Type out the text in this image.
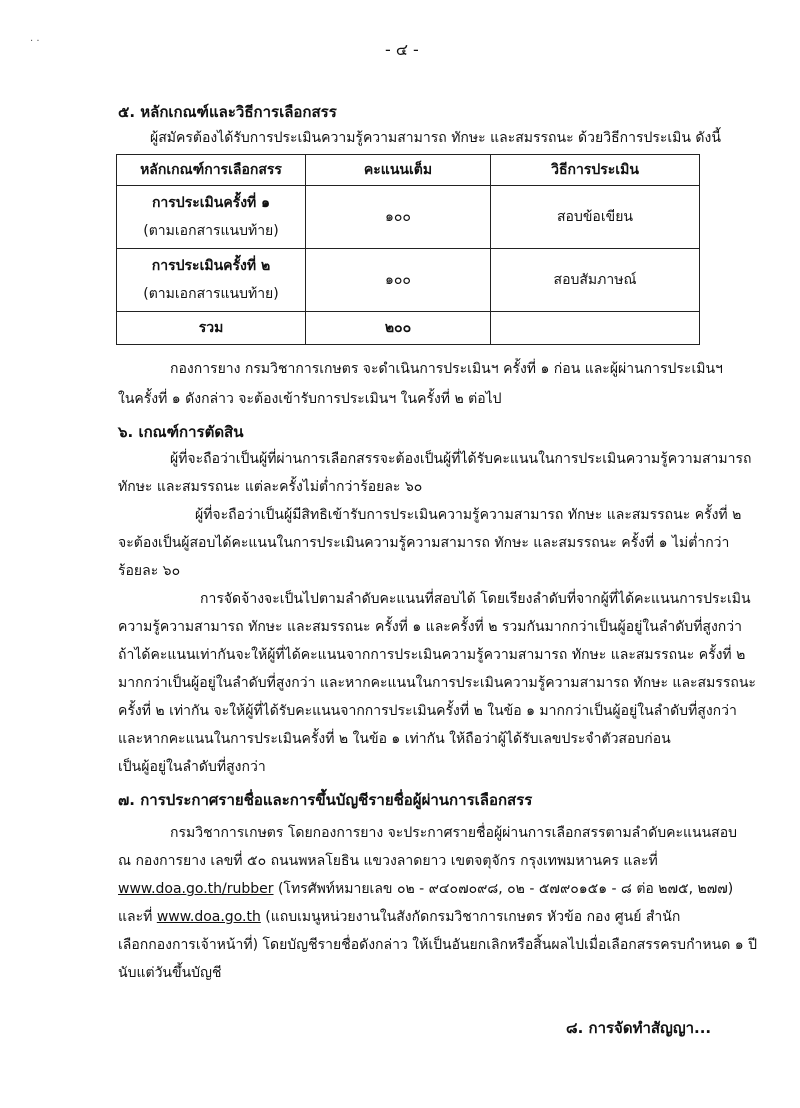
· ·	- ๔ -
๕. หลักเกณฑ์และวิธีการเลือกสรร
ผู้สมัครต้องได้รับการประเมินความรู้ความสามารถ ทักษะ และสมรรถนะ ด้วยวิธีการประเมิน ดังนี้
หลักเกณฑ์การเลือกสรร	คะแนนเต็ม	วิธีการประเมิน

การประเมินครั้งที่ ๑
(ตามเอกสารแนบท้าย)	๑๐๐	สอบข้อเขียน

การประเมินครั้งที่ ๒
(ตามเอกสารแนบท้าย)	๑๐๐	สอบสัมภาษณ์
รวม	๒๐๐	
กองการยาง กรมวิชาการเกษตร จะดำเนินการประเมินฯ ครั้งที่ ๑ ก่อน และผู้ผ่านการประเมินฯ
ในครั้งที่ ๑ ดังกล่าว จะต้องเข้ารับการประเมินฯ ในครั้งที่ ๒ ต่อไป
๖. เกณฑ์การตัดสิน
ผู้ที่จะถือว่าเป็นผู้ที่ผ่านการเลือกสรรจะต้องเป็นผู้ที่ได้รับคะแนนในการประเมินความรู้ความสามารถ
ทักษะ และสมรรถนะ แต่ละครั้งไม่ต่ำกว่าร้อยละ ๖๐
ผู้ที่จะถือว่าเป็นผู้มีสิทธิเข้ารับการประเมินความรู้ความสามารถ ทักษะ และสมรรถนะ ครั้งที่ ๒
จะต้องเป็นผู้สอบได้คะแนนในการประเมินความรู้ความสามารถ ทักษะ และสมรรถนะ ครั้งที่ ๑ ไม่ต่ำกว่า
ร้อยละ ๖๐
การจัดจ้างจะเป็นไปตามลำดับคะแนนที่สอบได้ โดยเรียงลำดับที่จากผู้ที่ได้คะแนนการประเมิน
ความรู้ความสามารถ ทักษะ และสมรรถนะ ครั้งที่ ๑ และครั้งที่ ๒ รวมกันมากกว่าเป็นผู้อยู่ในลำดับที่สูงกว่า
ถ้าได้คะแนนเท่ากันจะให้ผู้ที่ได้คะแนนจากการประเมินความรู้ความสามารถ ทักษะ และสมรรถนะ ครั้งที่ ๒
มากกว่าเป็นผู้อยู่ในลำดับที่สูงกว่า และหากคะแนนในการประเมินความรู้ความสามารถ ทักษะ และสมรรถนะ
ครั้งที่ ๒ เท่ากัน จะให้ผู้ที่ได้รับคะแนนจากการประเมินครั้งที่ ๒ ในข้อ ๑ มากกว่าเป็นผู้อยู่ในลำดับที่สูงกว่า
และหากคะแนนในการประเมินครั้งที่ ๒ ในข้อ ๑ เท่ากัน ให้ถือว่าผู้ได้รับเลขประจำตัวสอบก่อน
เป็นผู้อยู่ในลำดับที่สูงกว่า
๗. การประกาศรายชื่อและการขึ้นบัญชีรายชื่อผู้ผ่านการเลือกสรร
กรมวิชาการเกษตร โดยกองการยาง จะประกาศรายชื่อผู้ผ่านการเลือกสรรตามลำดับคะแนนสอบ
ณ กองการยาง เลขที่ ๕๐ ถนนพหลโยธิน แขวงลาดยาว เขตจตุจักร กรุงเทพมหานคร และที่
www.doa.go.th/rubber (โทรศัพท์หมายเลข ๐๒ - ๙๔๐๗๐๙๘, ๐๒ - ๕๗๙๐๑๕๑ - ๘ ต่อ ๒๗๕, ๒๗๗)
และที่ www.doa.go.th (แถบเมนูหน่วยงานในสังกัดกรมวิชาการเกษตร หัวข้อ กอง ศูนย์ สำนัก
เลือกกองการเจ้าหน้าที่) โดยบัญชีรายชื่อดังกล่าว ให้เป็นอันยกเลิกหรือสิ้นผลไปเมื่อเลือกสรรครบกำหนด ๑ ปี
นับแต่วันขึ้นบัญชี
๘. การจัดทำสัญญา...
